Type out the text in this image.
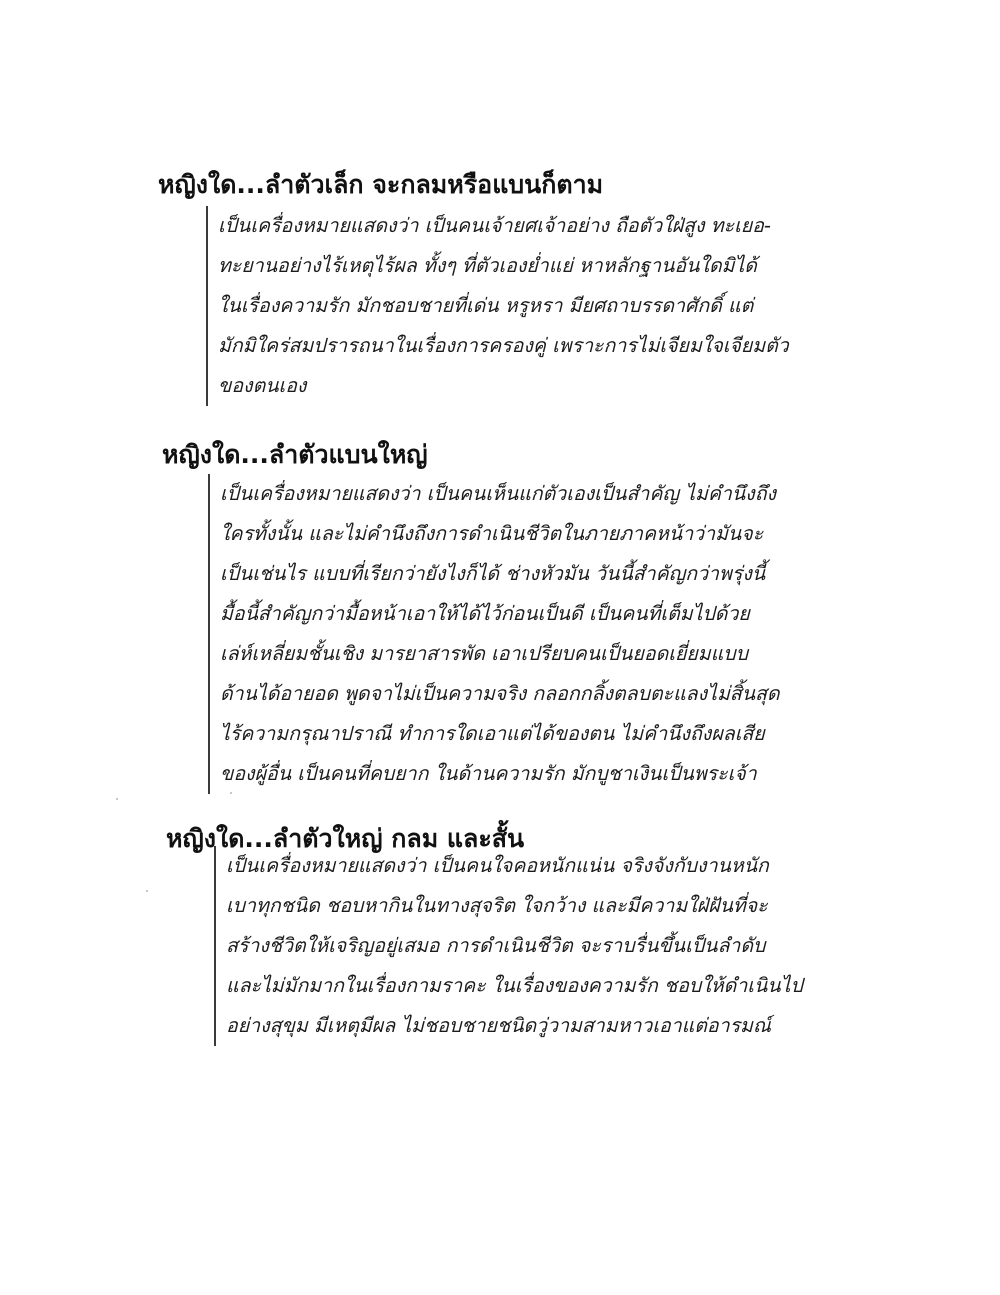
หญิงใด...ลำตัวเล็ก จะกลมหรือแบนก็ตาม
เป็นเครื่องหมายแสดงว่า เป็นคนเจ้ายศเจ้าอย่าง ถือตัวใฝ่สูง ทะเยอ-
ทะยานอย่างไร้เหตุไร้ผล ทั้งๆ ที่ตัวเองย่ำแย่ หาหลักฐานอันใดมิได้
ในเรื่องความรัก มักชอบชายที่เด่น หรูหรา มียศถาบรรดาศักดิ์ แต่
มักมิใคร่สมปรารถนาในเรื่องการครองคู่ เพราะการไม่เจียมใจเจียมตัว
ของตนเอง
หญิงใด...ลำตัวแบนใหญ่
เป็นเครื่องหมายแสดงว่า เป็นคนเห็นแก่ตัวเองเป็นสำคัญ ไม่คำนึงถึง
ใครทั้งนั้น และไม่คำนึงถึงการดำเนินชีวิตในภายภาคหน้าว่ามันจะ
เป็นเช่นไร แบบที่เรียกว่ายังไงก็ได้ ช่างหัวมัน วันนี้สำคัญกว่าพรุ่งนี้
มื้อนี้สำคัญกว่ามื้อหน้าเอาให้ได้ไว้ก่อนเป็นดี เป็นคนที่เต็มไปด้วย
เล่ห์เหลี่ยมชั้นเชิง มารยาสารพัด เอาเปรียบคนเป็นยอดเยี่ยมแบบ
ด้านได้อายอด พูดจาไม่เป็นความจริง กลอกกลิ้งตลบตะแลงไม่สิ้นสุด
ไร้ความกรุณาปราณี ทำการใดเอาแต่ได้ของตน ไม่คำนึงถึงผลเสีย
ของผู้อื่น เป็นคนที่คบยาก ในด้านความรัก มักบูชาเงินเป็นพระเจ้า
หญิงใด...ลำตัวใหญ่ กลม และสั้น
เป็นเครื่องหมายแสดงว่า เป็นคนใจคอหนักแน่น จริงจังกับงานหนัก
เบาทุกชนิด ชอบหากินในทางสุจริต ใจกว้าง และมีความใฝ่ฝันที่จะ
สร้างชีวิตให้เจริญอยู่เสมอ การดำเนินชีวิต จะราบรื่นขึ้นเป็นลำดับ
และไม่มักมากในเรื่องกามราคะ ในเรื่องของความรัก ชอบให้ดำเนินไป
อย่างสุขุม มีเหตุมีผล ไม่ชอบชายชนิดวู่วามสามหาวเอาแต่อารมณ์
